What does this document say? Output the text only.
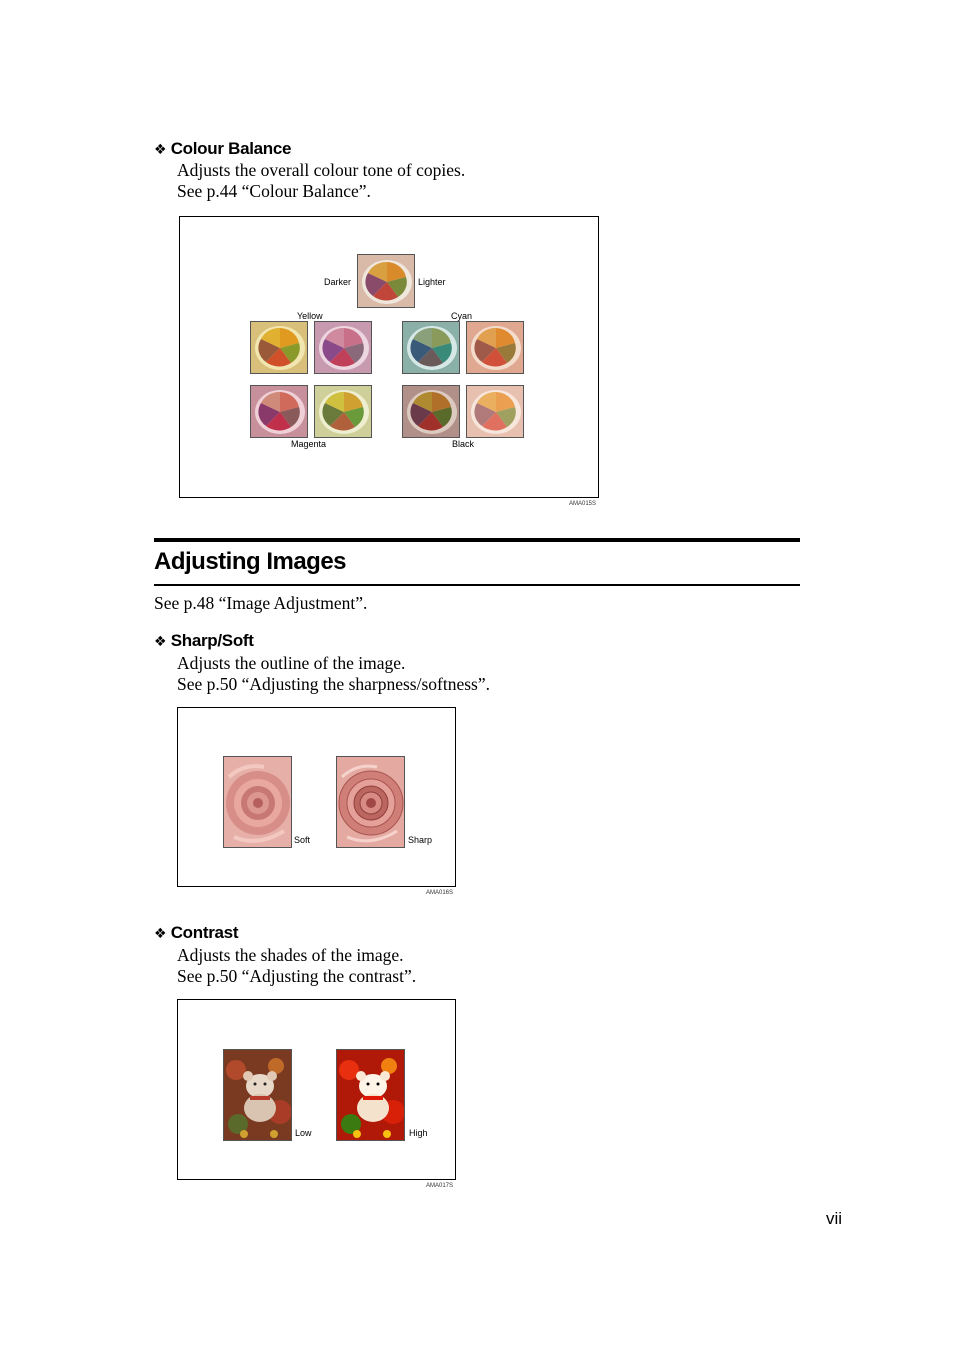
❖ Colour Balance
Adjusts the overall colour tone of copies.
See p.44 “Colour Balance”.
Darker	Lighter
Yellow	Cyan
Magenta	Black
AMA015S
Adjusting Images
See p.48 “Image Adjustment”.
❖ Sharp/Soft
Adjusts the outline of the image.
See p.50 “Adjusting the sharpness/softness”.
Soft	Sharp
AMA016S
❖ Contrast
Adjusts the shades of the image.
See p.50 “Adjusting the contrast”.
Low	High
AMA017S
vii
